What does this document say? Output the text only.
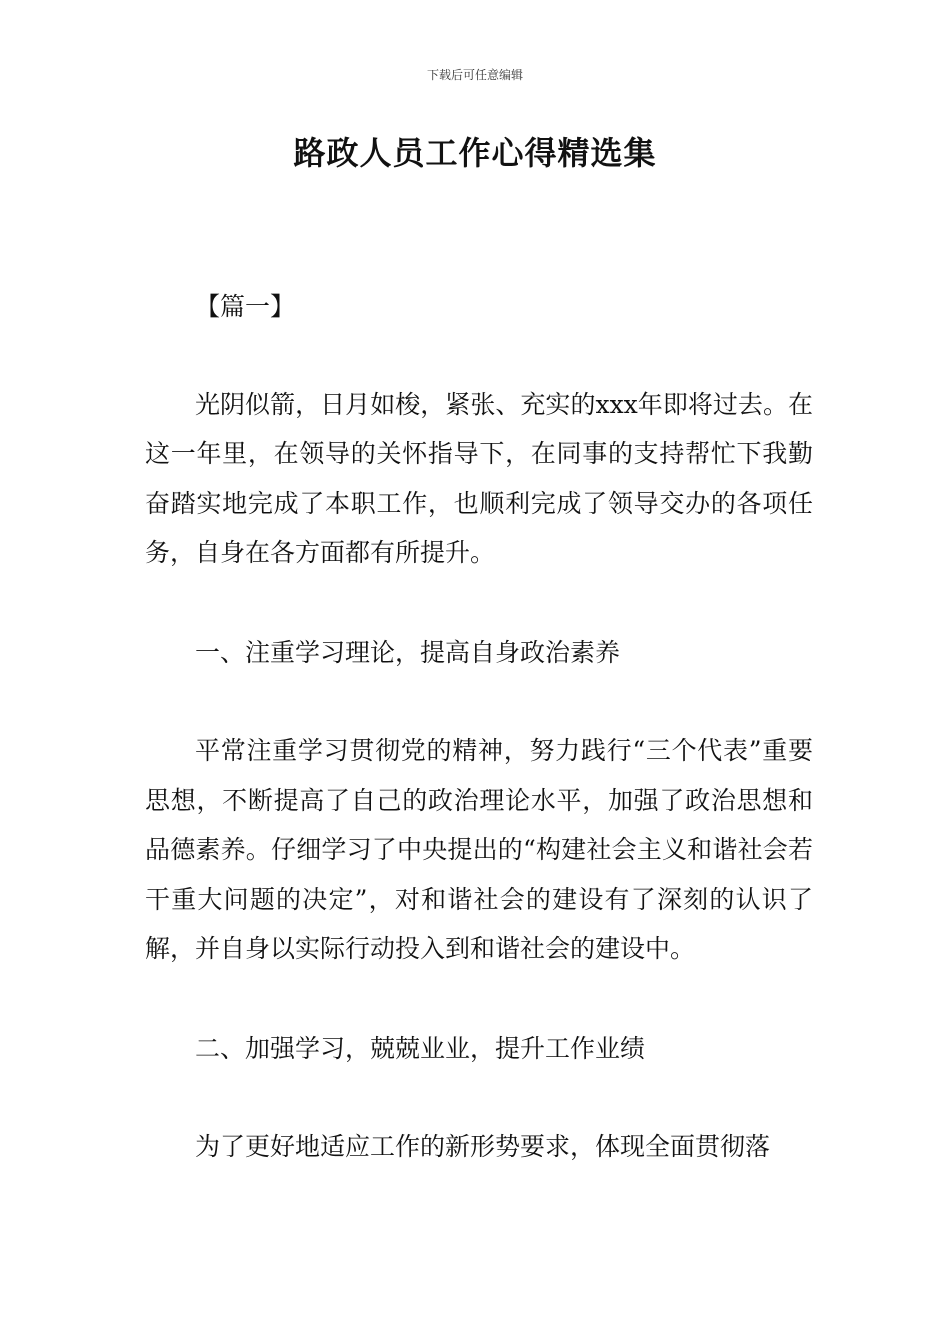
下载后可任意编辑
路政人员工作心得精选集

【篇一】

光阴似箭，日月如梭，紧张、充实的xxx年即将过去。在这一年里，在领导的关怀指导下，在同事的支持帮忙下我勤奋踏实地完成了本职工作，也顺利完成了领导交办的各项任务，自身在各方面都有所提升。

一、注重学习理论，提高自身政治素养

平常注重学习贯彻党的精神，努力践行“三个代表”重要思想，不断提高了自己的政治理论水平，加强了政治思想和品德素养。仔细学习了中央提出的“构建社会主义和谐社会若干重大问题的决定”，对和谐社会的建设有了深刻的认识了解，并自身以实际行动投入到和谐社会的建设中。

二、加强学习，兢兢业业，提升工作业绩

为了更好地适应工作的新形势要求，体现全面贯彻落
